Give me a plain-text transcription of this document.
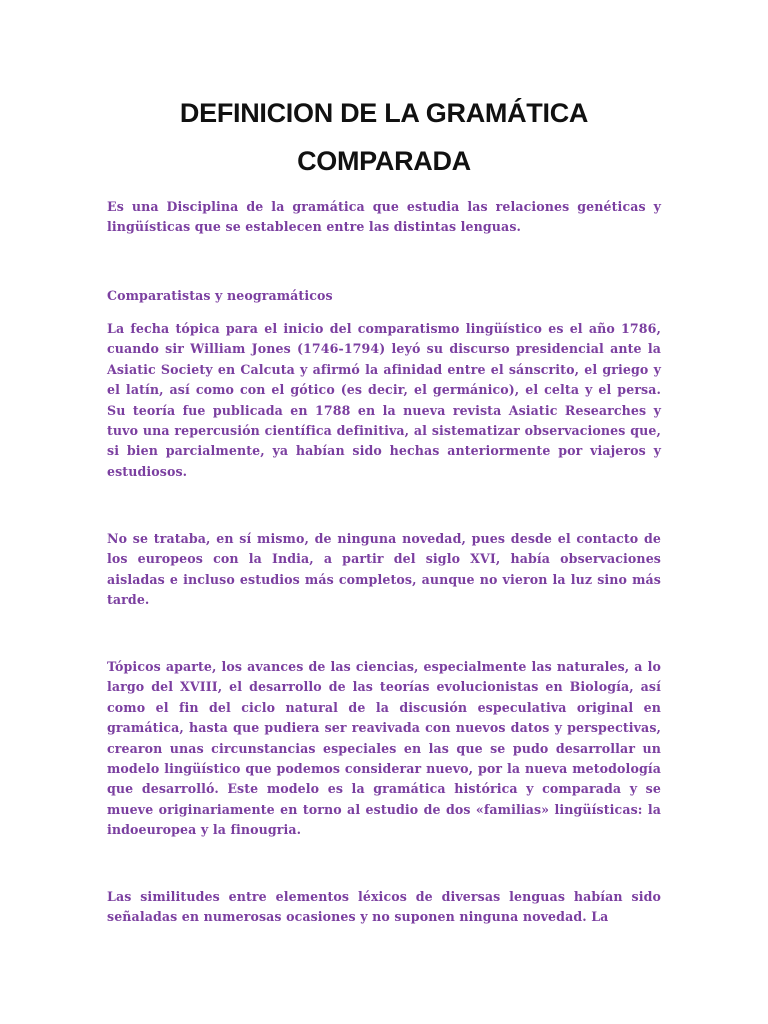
DEFINICION DE LA GRAMÁTICA
COMPARADA
Es una Disciplina de la gramática que estudia las relaciones genéticas y lingüísticas que se establecen entre las distintas lenguas.
Comparatistas y neogramáticos
La fecha tópica para el inicio del comparatismo lingüístico es el año 1786, cuando sir William Jones (1746-1794) leyó su discurso presidencial ante la Asiatic Society en Calcuta y afirmó la afinidad entre el sánscrito, el griego y el latín, así como con el gótico (es decir, el germánico), el celta y el persa. Su teoría fue publicada en 1788 en la nueva revista Asiatic Researches y tuvo una repercusión científica definitiva, al sistematizar observaciones que, si bien parcialmente, ya habían sido hechas anteriormente por viajeros y estudiosos.
No se trataba, en sí mismo, de ninguna novedad, pues desde el contacto de los europeos con la India, a partir del siglo XVI, había observaciones aisladas e incluso estudios más completos, aunque no vieron la luz sino más tarde.
Tópicos aparte, los avances de las ciencias, especialmente las naturales, a lo largo del XVIII, el desarrollo de las teorías evolucionistas en Biología, así como el fin del ciclo natural de la discusión especulativa original en gramática, hasta que pudiera ser reavivada con nuevos datos y perspectivas, crearon unas circunstancias especiales en las que se pudo desarrollar un modelo lingüístico que podemos considerar nuevo, por la nueva metodología que desarrolló. Este modelo es la gramática histórica y comparada y se mueve originariamente en torno al estudio de dos «familias» lingüísticas: la indoeuropea y la finougria.
Las similitudes entre elementos léxicos de diversas lenguas habían sido señaladas en numerosas ocasiones y no suponen ninguna novedad. La
